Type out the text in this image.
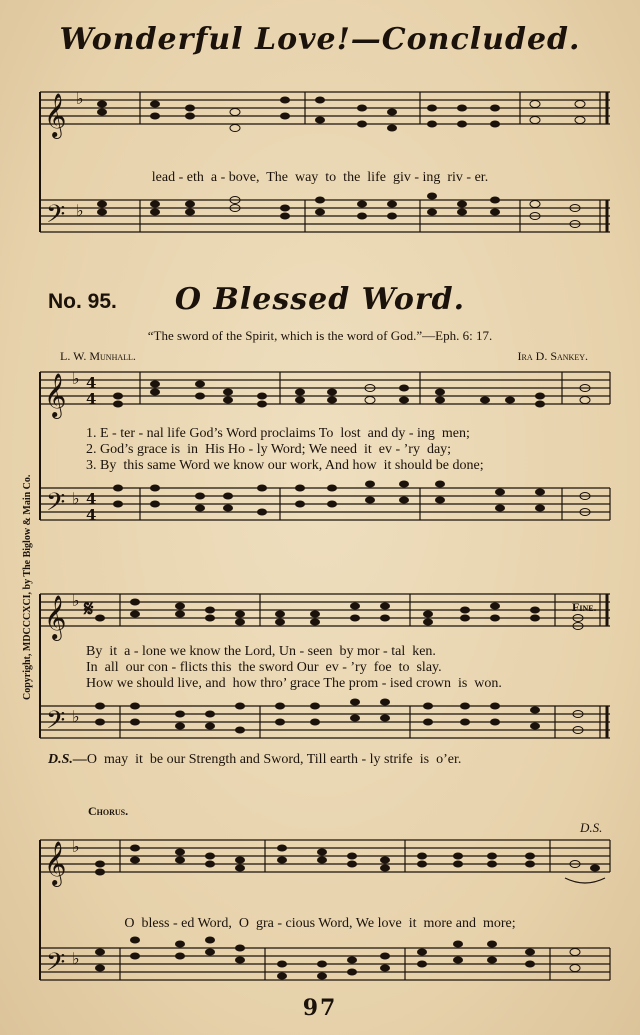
Wonderful Love!—Concluded.
𝄞
𝄢
♭
♭

lead - eth  a - bove,  The  way  to  the  life  giv - ing  riv - er.

No. 95.	O Blessed Word.
“The sword of the Spirit, which is the word of God.”—Eph. 6: 17.
L. W. Munhall.	Ira D. Sankey.
Copyright, MDCCCXCI, by The Biglow & Main Co.
𝄞
𝄢
♭
♭
4
4
4
4

1. E - ter - nal life God’s Word proclaims To  lost  and dy - ing  men;

2. God’s grace is  in  His Ho - ly Word; We need  it  ev - ’ry  day;

3. By  this same Word we know our work, And how  it should be done;

𝄋	Fine.
𝄞
𝄢
♭
♭

By  it  a - lone we know the Lord, Un - seen  by mor - tal  ken.

In  all  our con - flicts this  the sword Our  ev - ’ry  foe  to  slay.

How we should live, and  how thro’ grace The prom - ised crown  is  won.

D.S.—O  may  it  be our Strength and Sword, Till earth - ly strife  is  o’er.
Chorus.
D.S.
𝄞
𝄢
♭
♭

O  bless - ed Word,  O  gra - cious Word, We love  it  more and  more;

97
